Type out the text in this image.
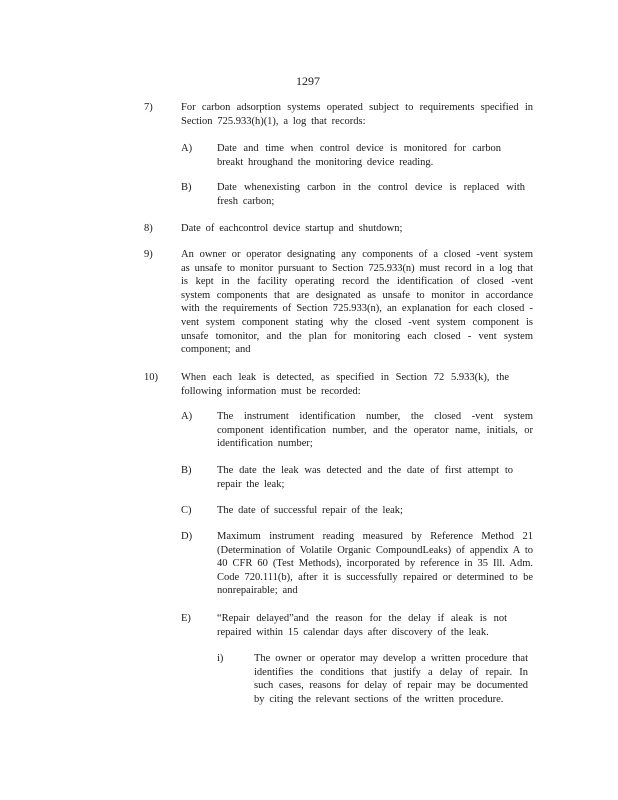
1297
7)	For carbon adsorption systems operated subject to requirements specified in Section 725.933(h)(1), a log that records:
A) Date and time when control device is monitored for carbon breakt hroughand the monitoring device reading.
B) Date whenexisting carbon in the control device is replaced with fresh carbon;
8)	Date of eachcontrol device startup and shutdown;
9)	An owner or operator designating any components of a closed -vent system as unsafe to monitor pursuant to Section 725.933(n) must record in a log that is kept in the facility operating record the identification of closed -vent system components that are designated as unsafe to monitor in accordance with the requirements of Section 725.933(n), an explanation for each closed -vent system component stating why the closed -vent system component is unsafe tomonitor, and the plan for monitoring each closed - vent system component; and
10) When each leak is detected, as specified in Section 72 5.933(k), the following information must be recorded:
A) The instrument identification number, the closed -vent system component identification number, and the operator name, initials, or identification number;
B) The date the leak was detected and the date of first attempt to repair the leak;
C) The date of successful repair of the leak;
D) Maximum instrument reading measured by Reference Method 21 (Determination of Volatile Organic CompoundLeaks) of appendix A to 40 CFR 60 (Test Methods), incorporated by reference in 35 Ill. Adm. Code 720.111(b), after it is successfully repaired or determined to be nonrepairable; and
E) “Repair delayed”and the reason for the delay if aleak is not repaired within 15 calendar days after discovery of the leak.
i)	The owner or operator may develop a written procedure that identifies the conditions that justify a delay of repair. In such cases, reasons for delay of repair may be documented by citing the relevant sections of the written procedure.
